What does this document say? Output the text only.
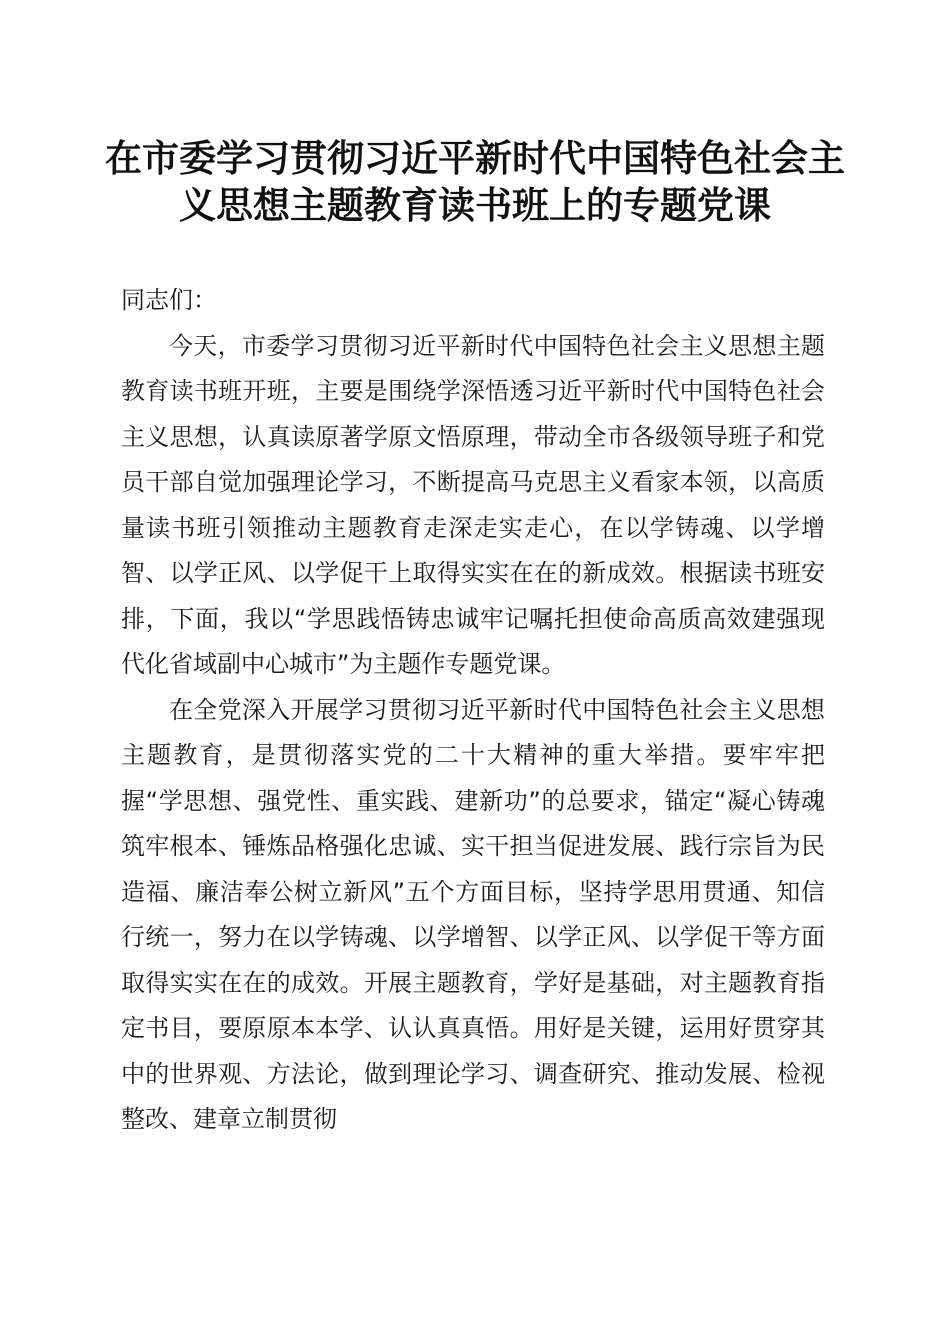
在市委学习贯彻习近平新时代中国特色社会主
义思想主题教育读书班上的专题党课

同志们：

今天，市委学习贯彻习近平新时代中国特色社会主义思想主题教育读书班开班，主要是围绕学深悟透习近平新时代中国特色社会主义思想，认真读原著学原文悟原理，带动全市各级领导班子和党员干部自觉加强理论学习，不断提高马克思主义看家本领，以高质量读书班引领推动主题教育走深走实走心，在以学铸魂、以学增智、以学正风、以学促干上取得实实在在的新成效。根据读书班安排，下面，我以“学思践悟铸忠诚牢记嘱托担使命高质高效建强现代化省域副中心城市”为主题作专题党课。

在全党深入开展学习贯彻习近平新时代中国特色社会主义思想主题教育，是贯彻落实党的二十大精神的重大举措。要牢牢把握“学思想、强党性、重实践、建新功”的总要求，锚定“凝心铸魂筑牢根本、锤炼品格强化忠诚、实干担当促进发展、践行宗旨为民造福、廉洁奉公树立新风”五个方面目标，坚持学思用贯通、知信行统一，努力在以学铸魂、以学增智、以学正风、以学促干等方面取得实实在在的成效。开展主题教育，学好是基础，对主题教育指定书目，要原原本本学、认认真真悟。用好是关键，运用好贯穿其中的世界观、方法论，做到理论学习、调查研究、推动发展、检视整改、建章立制贯彻
